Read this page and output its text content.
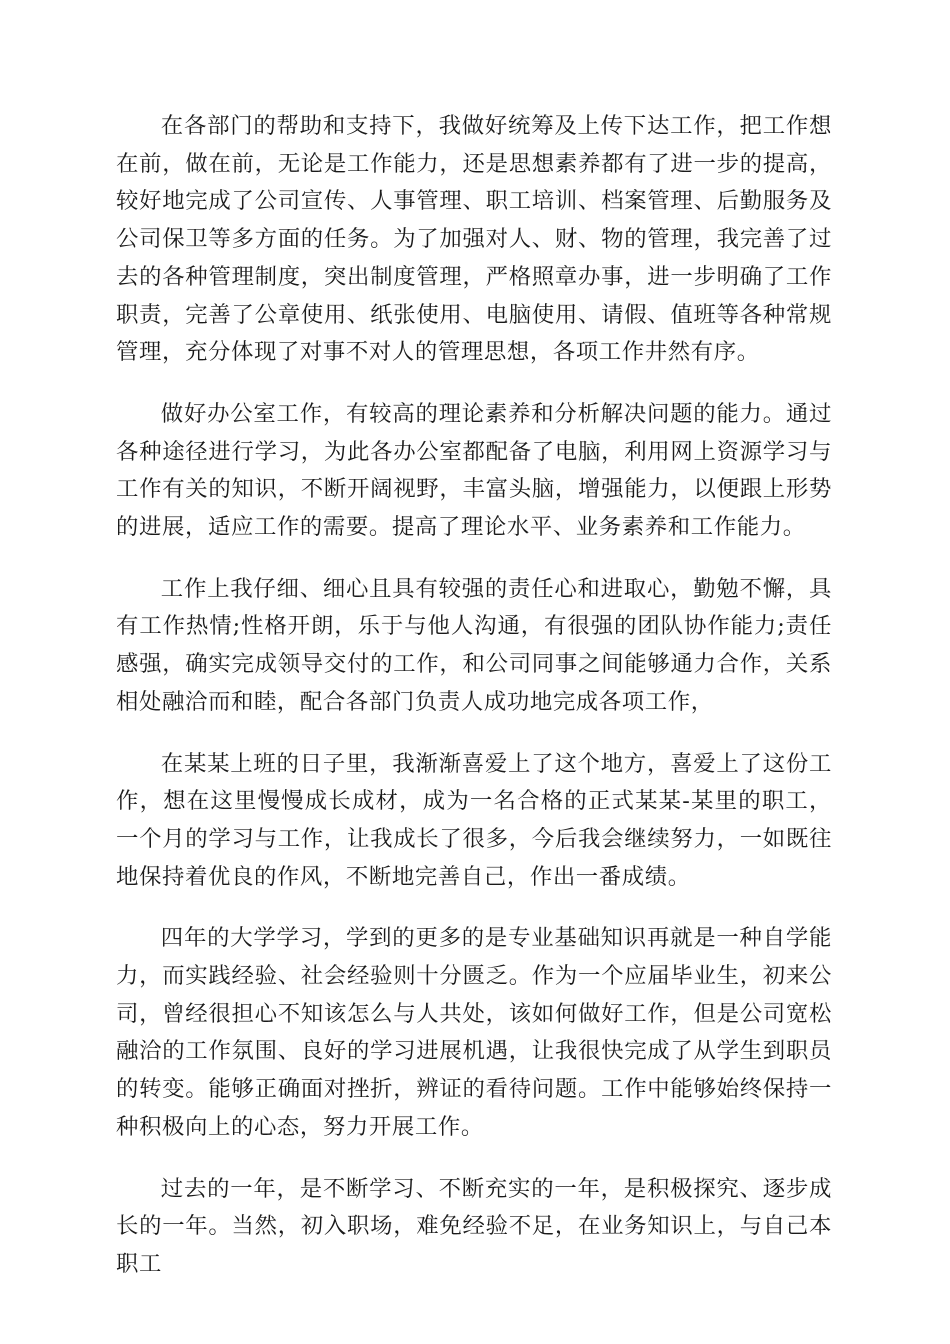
在各部门的帮助和支持下，我做好统筹及上传下达工作，把工作想在前，做在前，无论是工作能力，还是思想素养都有了进一步的提高，较好地完成了公司宣传、人事管理、职工培训、档案管理、后勤服务及公司保卫等多方面的任务。为了加强对人、财、物的管理，我完善了过去的各种管理制度，突出制度管理，严格照章办事，进一步明确了工作职责，完善了公章使用、纸张使用、电脑使用、请假、值班等各种常规管理，充分体现了对事不对人的管理思想，各项工作井然有序。

做好办公室工作，有较高的理论素养和分析解决问题的能力。通过各种途径进行学习，为此各办公室都配备了电脑，利用网上资源学习与工作有关的知识，不断开阔视野，丰富头脑，增强能力，以便跟上形势的进展，适应工作的需要。提高了理论水平、业务素养和工作能力。

工作上我仔细、细心且具有较强的责任心和进取心，勤勉不懈，具有工作热情;性格开朗，乐于与他人沟通，有很强的团队协作能力;责任感强，确实完成领导交付的工作，和公司同事之间能够通力合作，关系相处融洽而和睦，配合各部门负责人成功地完成各项工作，

在某某上班的日子里，我渐渐喜爱上了这个地方，喜爱上了这份工作，想在这里慢慢成长成材，成为一名合格的正式某某-某里的职工，一个月的学习与工作，让我成长了很多，今后我会继续努力，一如既往地保持着优良的作风，不断地完善自己，作出一番成绩。

四年的大学学习，学到的更多的是专业基础知识再就是一种自学能力，而实践经验、社会经验则十分匮乏。作为一个应届毕业生，初来公司，曾经很担心不知该怎么与人共处，该如何做好工作，但是公司宽松融洽的工作氛围、良好的学习进展机遇，让我很快完成了从学生到职员的转变。能够正确面对挫折，辨证的看待问题。工作中能够始终保持一种积极向上的心态，努力开展工作。

过去的一年，是不断学习、不断充实的一年，是积极探究、逐步成长的一年。当然，初入职场，难免经验不足，在业务知识上，与自己本职工
